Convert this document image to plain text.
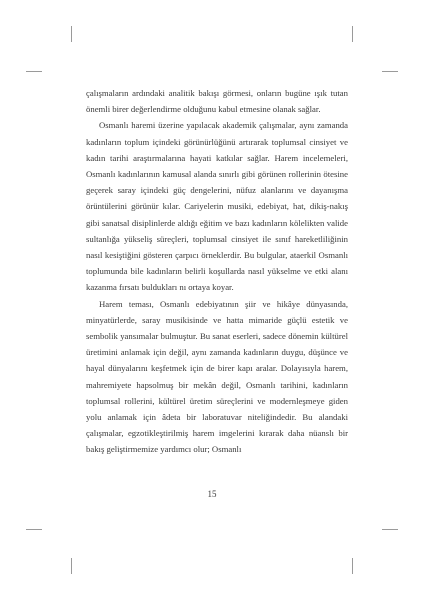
çalışmaların ardındaki analitik bakışı görmesi, onların bugüne ışık tutan önemli birer değerlendirme olduğunu kabul etmesine olanak sağlar.

Osmanlı haremi üzerine yapılacak akademik çalışmalar, aynı zamanda kadınların toplum içindeki görünürlüğünü artırarak toplumsal cinsiyet ve kadın tarihi araştırmalarına hayati katkılar sağlar. Harem incelemeleri, Osmanlı kadınlarının kamusal alanda sınırlı gibi görünen rollerinin ötesine geçerek saray içindeki güç dengelerini, nüfuz alanlarını ve dayanışma örüntülerini görünür kılar. Cariyelerin musiki, edebiyat, hat, dikiş-nakış gibi sanatsal disiplinlerde aldığı eğitim ve bazı kadınların kölelikten valide sultanlığa yükseliş süreçleri, toplumsal cinsiyet ile sınıf hareketliliğinin nasıl kesiştiğini gösteren çarpıcı örneklerdir. Bu bulgular, ataerkil Osmanlı toplumunda bile kadınların belirli koşullarda nasıl yükselme ve etki alanı kazanma fırsatı buldukları nı ortaya koyar.

Harem teması, Osmanlı edebiyatının şiir ve hikâye dünyasında, minyatürlerde, saray musikisinde ve hatta mimaride güçlü estetik ve sembolik yansımalar bulmuştur. Bu sanat eserleri, sadece dönemin kültürel üretimini anlamak için değil, aynı zamanda kadınların duygu, düşünce ve hayal dünyalarını keşfetmek için de birer kapı aralar. Dolayısıyla harem, mahremiyete hapsolmuş bir mekân değil, Osmanlı tarihini, kadınların toplumsal rollerini, kültürel üretim süreçlerini ve modernleşmeye giden yolu anlamak için âdeta bir laboratuvar niteliğindedir. Bu alandaki çalışmalar, egzotikleştirilmiş harem imgelerini kırarak daha nüanslı bir bakış geliştirmemize yardımcı olur; Osmanlı

15
